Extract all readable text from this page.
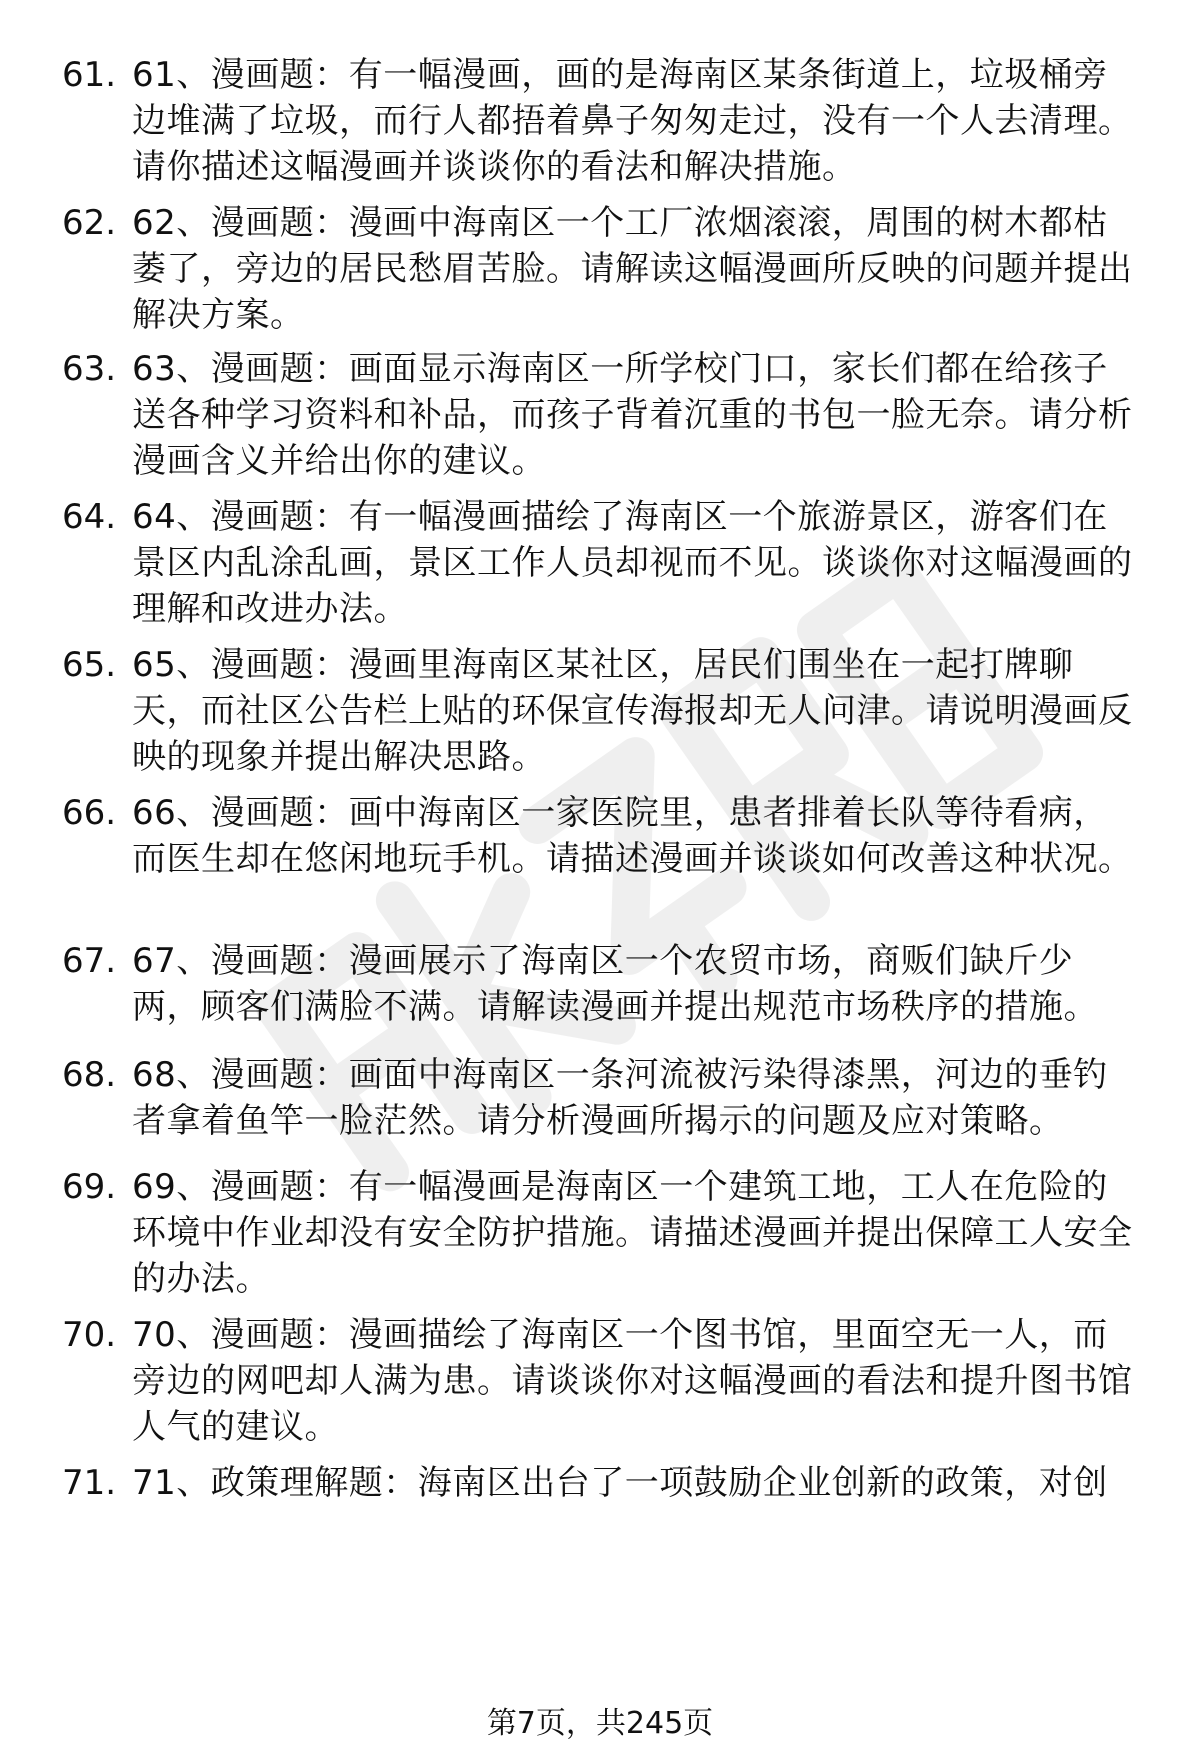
61. 61、漫画题：有一幅漫画，画的是海南区某条街道上，垃圾桶旁边堆满了垃圾，而行人都捂着鼻子匆匆走过，没有一个人去清理。请你描述这幅漫画并谈谈你的看法和解决措施。
62. 62、漫画题：漫画中海南区一个工厂浓烟滚滚，周围的树木都枯萎了，旁边的居民愁眉苦脸。请解读这幅漫画所反映的问题并提出解决方案。
63. 63、漫画题：画面显示海南区一所学校门口，家长们都在给孩子送各种学习资料和补品，而孩子背着沉重的书包一脸无奈。请分析漫画含义并给出你的建议。
64. 64、漫画题：有一幅漫画描绘了海南区一个旅游景区，游客们在景区内乱涂乱画，景区工作人员却视而不见。谈谈你对这幅漫画的理解和改进办法。
65. 65、漫画题：漫画里海南区某社区，居民们围坐在一起打牌聊天，而社区公告栏上贴的环保宣传海报却无人问津。请说明漫画反映的现象并提出解决思路。
66. 66、漫画题：画中海南区一家医院里，患者排着长队等待看病，而医生却在悠闲地玩手机。请描述漫画并谈谈如何改善这种状况。
67. 67、漫画题：漫画展示了海南区一个农贸市场，商贩们缺斤少两，顾客们满脸不满。请解读漫画并提出规范市场秩序的措施。
68. 68、漫画题：画面中海南区一条河流被污染得漆黑，河边的垂钓者拿着鱼竿一脸茫然。请分析漫画所揭示的问题及应对策略。
69. 69、漫画题：有一幅漫画是海南区一个建筑工地，工人在危险的环境中作业却没有安全防护措施。请描述漫画并提出保障工人安全的办法。
70. 70、漫画题：漫画描绘了海南区一个图书馆，里面空无一人，而旁边的网吧却人满为患。请谈谈你对这幅漫画的看法和提升图书馆人气的建议。
71. 71、政策理解题：海南区出台了一项鼓励企业创新的政策，对创
第7页，共245页
